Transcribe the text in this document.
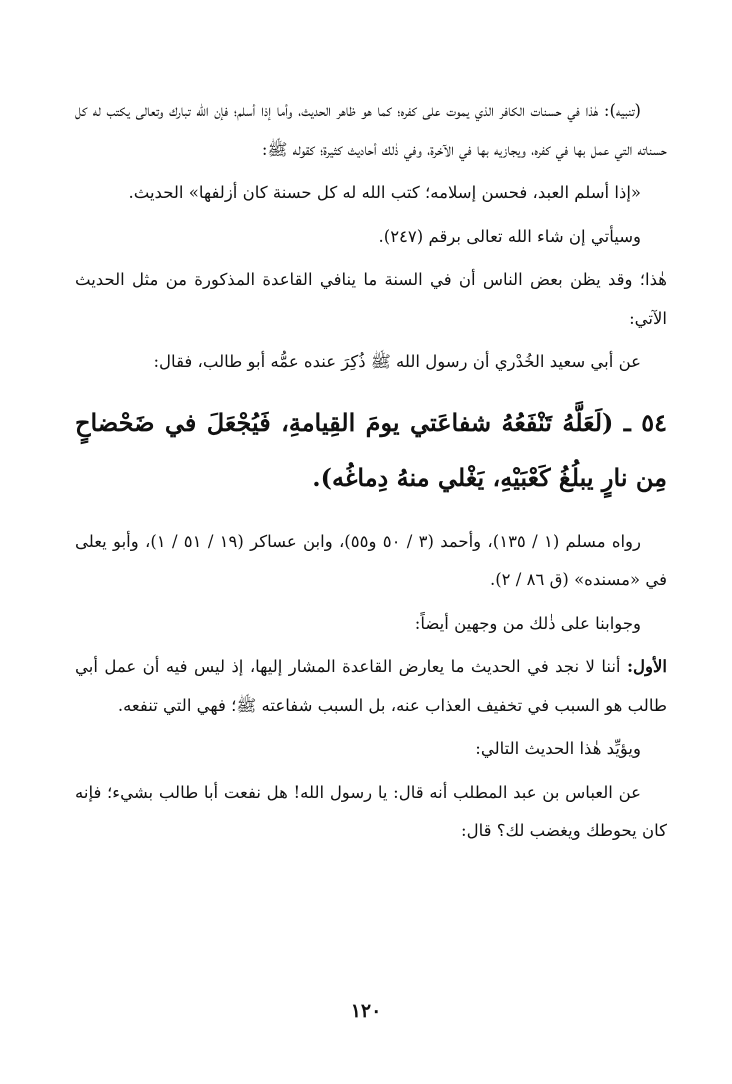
(تنبيه): هٰذا في حسنات الكافر الذي يموت على كفره؛ كما هو ظاهر الحديث، وأما إذا أسلم؛ فإن الله تبارك وتعالى يكتب له كل حسناته التي عمل بها في كفره، ويجازيه بها في الآخرة، وفي ذٰلك أحاديث كثيرة؛ كقوله ﷺ:

«إذا أسلم العبد، فحسن إسلامه؛ كتب الله له كل حسنة كان أزلفها» الحديث.

وسيأتي إن شاء الله تعالى برقم (٢٤٧).

هٰذا؛ وقد يظن بعض الناس أن في السنة ما ينافي القاعدة المذكورة من مثل الحديث الآتي:

عن أبي سعيد الخُدْري أن رسول الله ﷺ ذُكِرَ عنده عمُّه أبو طالب، فقال:

٥٤ ـ (لَعَلَّهُ تَنْفَعُهُ شفاعَتي يومَ القِيامةِ، فَيُجْعَلَ في ضَحْضاحٍ مِن نارٍ يبلُغُ كَعْبَيْهِ، يَغْلي منهُ دِماغُه).

رواه مسلم (١ / ١٣٥)، وأحمد (٣ / ٥٠ و٥٥)، وابن عساكر (١٩ / ٥١ / ١)، وأبو يعلى في «مسنده» (ق ٨٦ / ٢).

وجوابنا على ذٰلك من وجهين أيضاً:

الأول: أننا لا نجد في الحديث ما يعارض القاعدة المشار إليها، إذ ليس فيه أن عمل أبي طالب هو السبب في تخفيف العذاب عنه، بل السبب شفاعته ﷺ؛ فهي التي تنفعه.

ويؤيِّد هٰذا الحديث التالي:

عن العباس بن عبد المطلب أنه قال: يا رسول الله! هل نفعت أبا طالب بشيء؛ فإنه كان يحوطك ويغضب لك؟ قال:

١٢٠
